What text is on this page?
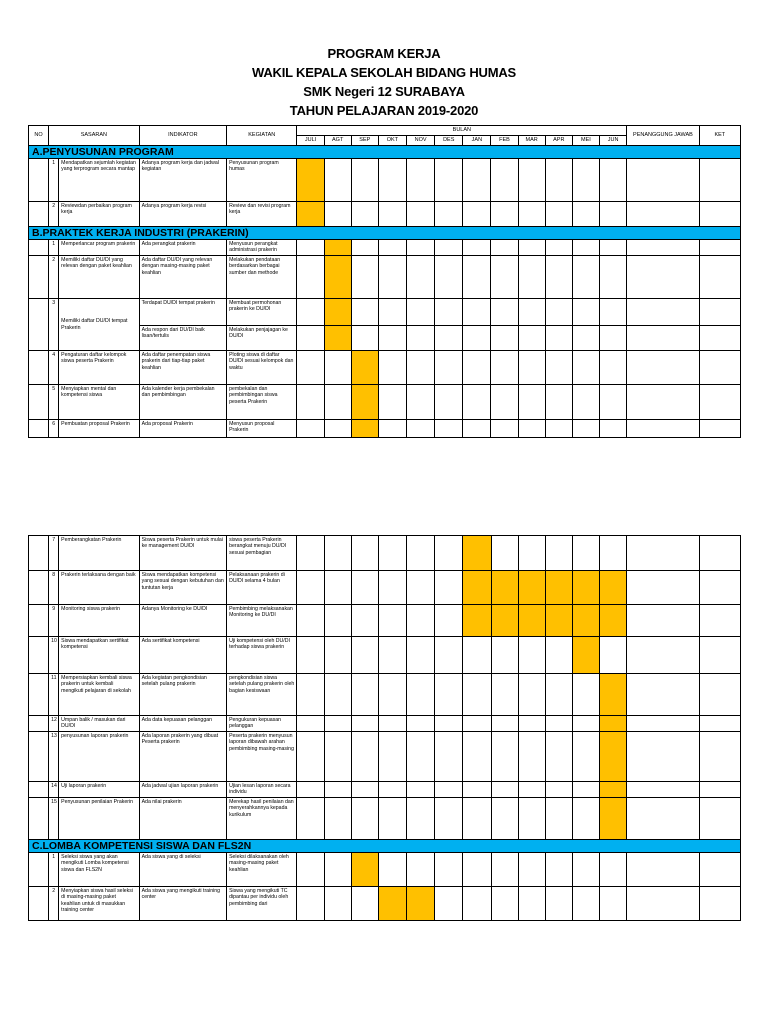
PROGRAM KERJA
WAKIL KEPALA SEKOLAH BIDANG HUMAS
SMK Negeri 12 SURABAYA
TAHUN PELAJARAN 2019-2020
NO	SASARAN		INDIKATOR	KEGIATAN	BULAN												PENANGGUNG JAWAB	KET
					JULI	AGT	SEP	OKT	NOV	DES	JAN	FEB	MAR	APR	MEI	JUN		
A.PENYUSUNAN PROGRAM																		
	1	Mendapatkan sejumlah kegiatan yang terprogram secara mantap	Adanya program kerja dan jadwal kegiatan	Penyusunan program humas														
	2	Reviewdan perbaikan program kerja	Adanya program kerja revisi	Review dan revisi program kerja														
B.PRAKTEK KERJA INDUSTRI (PRAKERIN)																		
	1	Memperlancar program prakerin	Ada perangkat prakerin	Menyusun perangkat administrasi prakerin														
	2	Memiliki daftar DU/DI yang relevan dengan paket keahlian	Ada daftar DU/DI yang relevan dengan masing-masing paket keahlian	Melakukan pendataan berdasarkan berbagai sumber dan methode														
	3	Memiliki daftar DU/DI tempat Prakerin	Terdapat DU/DI tempat prakerin	Membuat permohonan prakerin ke DU/DI														
			Ada respon dari DU/DI baik lisan/tertulis	Melakukan penjajagan ke DU/DI														
	4	Pengaturan daftar kelompok siswa peserta Prakerin	Ada daftar penempatan siswa prakerin dari tiap-tiap paket keahlian	Ploting siswa di daftar DU/DI sesuai kelompok dan waktu														
	5	Menyiapkan mental dan kompetensi siswa	Ada kalender kerja pembekalan dan pembimbingan	pembekalan dan pembimbingan siswa peserta Prakerin														
	6	Pembuatan proposal Prakerin	Ada proposal Prakerin	Menyusun proposal Prakerin														
	7	Pemberangkatan Prakerin	Siswa peserta Prakerin untuk mulai ke management DU/DI	siswa peserta Prakerin berangkat menuju DU/DI sesuai pembagian														
	8	Prakerin terlaksana dengan baik	Siswa mendapatkan kompetensi yang sesuai dengan kebutuhan dan tuntutan kerja	Pelaksanaan prakerin di DU/DI selama 4 bulan														
	9	Monitoring siswa prakerin	Adanya Monitoring ke DU/DI	Pembimbing melaksanakan Monitoring ke DU/DI														
	10	Siswa mendapatkan sertifikat kompetensi	Ada sertifikat kompetensi	Uji kompetensi oleh DU/DI terhadap siswa prakerin														
	11	Mempersiapkan kembali siswa prakerin untuk kembali mengikuti pelajaran di sekolah	Ada kegiatan pengkondisian setelah pulang prakerin	pengkondisian siswa setelah pulang prakerin oleh bagian kesiswaan														
	12	Umpan balik / masukan dari DU/DI	Ada data kepuasan pelanggan	Pengukuran kepuasan pelanggan														
	13	penyusunan laporan prakerin	Ada laporan prakerin yang dibuat Peserta prakerin	Peserta prakerin menyusun laporan dibawah arahan pembimbing masing-masing														
	14	Uji laporan prakerin	Ada jadwal ujian laporan prakerin	Ujian lesan laporan secara individu														
	15	Penyusunan penilaian Prakerin	Ada nilai prakerin	Merekap hasil penilaian dan menyerahkannya kepada kurikulum														
C.LOMBA KOMPETENSI SISWA DAN FLS2N																		
	1	Seleksi siswa yang akan mengikuti Lomba kompetensi siswa dan FLS2N	Ada siswa yang di seleksi	Seleksi dilaksanakan oleh masing-masing paket keahlian														
	2	Menyiapkan siswa hasil seleksi di masing-masing paket keahlian untuk di masukkan training center	Ada siswa yang mengikuti training center	Siswa yang mengikuti TC dipantau per individu oleh pembimbing dari														
